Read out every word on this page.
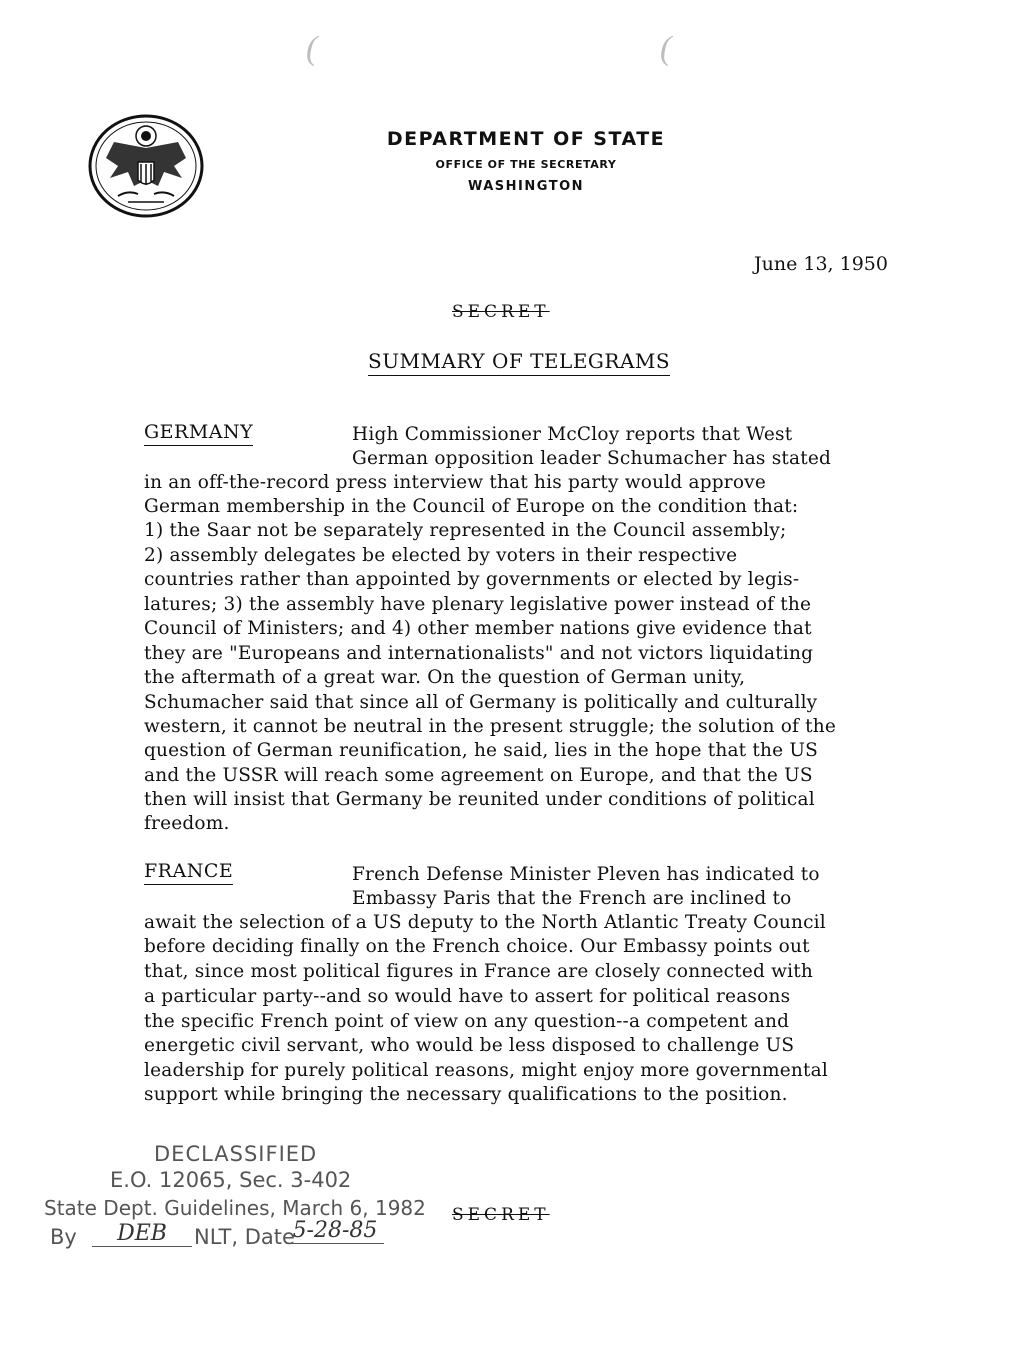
(	(
DEPARTMENT OF STATE
OFFICE OF THE SECRETARY
WASHINGTON
June 13, 1950
SECRET
SUMMARY OF TELEGRAMS
GERMANY	High Commissioner McCloy reports that West
German opposition leader Schumacher has stated
in an off-the-record press interview that his party would approve
German membership in the Council of Europe on the condition that:
1) the Saar not be separately represented in the Council assembly;
2) assembly delegates be elected by voters in their respective
countries rather than appointed by governments or elected by legis-
latures; 3) the assembly have plenary legislative power instead of the
Council of Ministers; and 4) other member nations give evidence that
they are "Europeans and internationalists" and not victors liquidating
the aftermath of a great war. On the question of German unity,
Schumacher said that since all of Germany is politically and culturally
western, it cannot be neutral in the present struggle; the solution of the
question of German reunification, he said, lies in the hope that the US
and the USSR will reach some agreement on Europe, and that the US
then will insist that Germany be reunited under conditions of political
freedom.
FRANCE	French Defense Minister Pleven has indicated to
Embassy Paris that the French are inclined to
await the selection of a US deputy to the North Atlantic Treaty Council
before deciding finally on the French choice. Our Embassy points out
that, since most political figures in France are closely connected with
a particular party--and so would have to assert for political reasons
the specific French point of view on any question--a competent and
energetic civil servant, who would be less disposed to challenge US
leadership for purely political reasons, might enjoy more governmental
support while bringing the necessary qualifications to the position.
DECLASSIFIED
E.O. 12065, Sec. 3-402
State Dept. Guidelines, March 6, 1982
By	DEB	NLT, Date
5-28-85
SECRET
